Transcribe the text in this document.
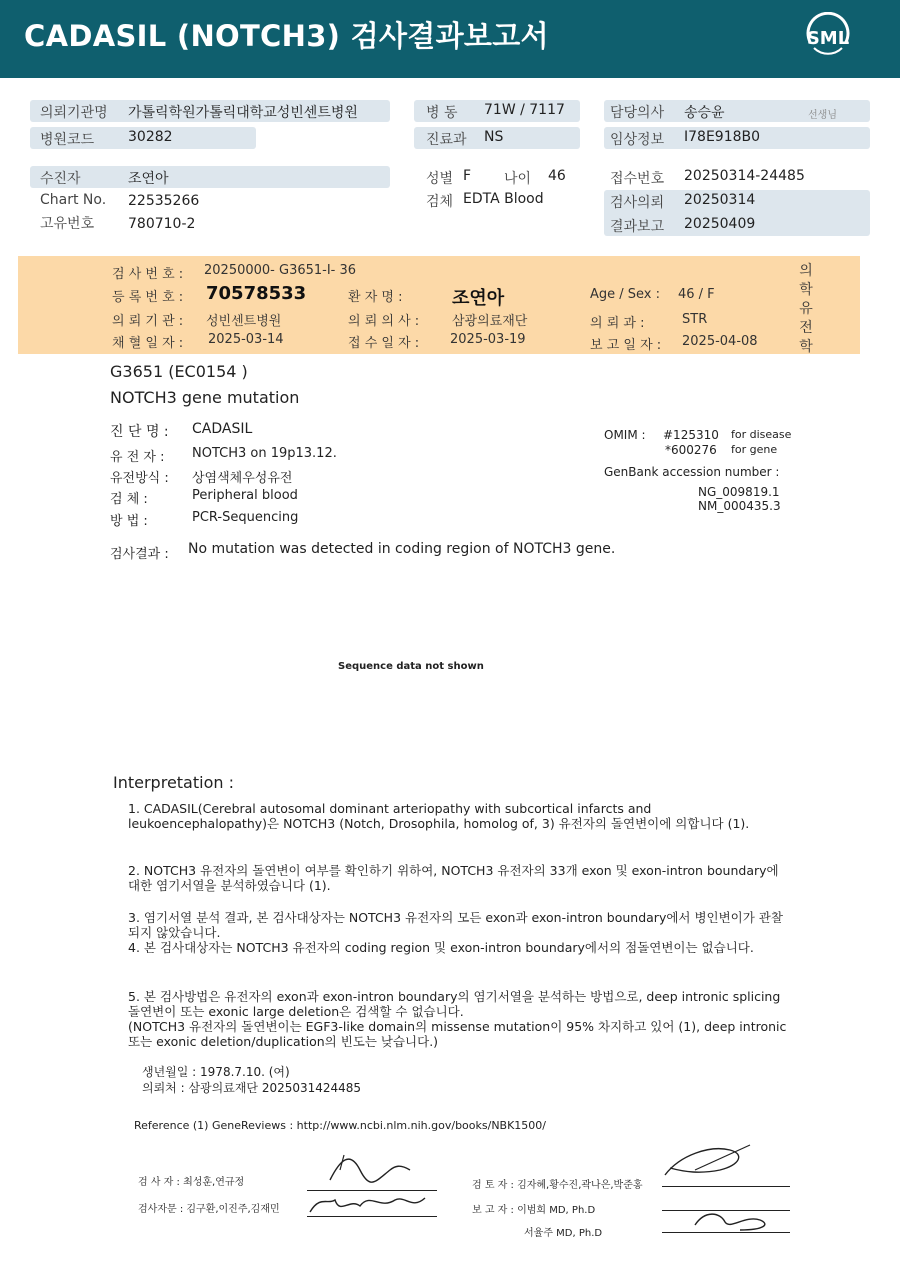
CADASIL (NOTCH3) 검사결과보고서	SML
의뢰기관명 가톨릭학원가톨릭대학교성빈센트병원	병 동 71W / 7117	담당의사 송승윤	선생님
병원코드 30282	진료과 NS	임상정보 I78E918B0
수진자	조연아	성별 F 나이 46	접수번호 20250314-24485
Chart No. 22535266	검체 EDTA Blood	검사의뢰 20250314
고유번호 780710-2	결과보고 20250409
검 사 번 호 : 20250000- G3651-I- 36
등 록 번 호 : 70578533	환 자 명 :	조연아	Age / Sex : 46 / F
의 뢰 기 관 : 성빈센트병원	의 뢰 의 사 :	삼광의료재단	의 뢰 과 :	STR
채 혈 일 자 : 2025-03-14	접 수 일 자 : 2025-03-19	보 고 일 자 : 2025-04-08
의
학
유
전
학
G3651 (EC0154 )
NOTCH3 gene mutation
진 단 명 : CADASIL
유 전 자 : NOTCH3 on 19p13.12.
유전방식 : 상염색체우성유전
검 체 :	Peripheral blood
방 법 :	PCR-Sequencing
OMIM : #125310 for disease
*600276 for gene
GenBank accession number :
NG_009819.1
NM_000435.3
검사결과 : No mutation was detected in coding region of NOTCH3 gene.
Sequence data not shown
Interpretation :
1. CADASIL(Cerebral autosomal dominant arteriopathy with subcortical infarcts and leukoencephalopathy)은 NOTCH3 (Notch, Drosophila, homolog of, 3) 유전자의 돌연변이에 의합니다 (1).
2. NOTCH3 유전자의 돌연변이 여부를 확인하기 위하여, NOTCH3 유전자의 33개 exon 및 exon-intron boundary에 대한 염기서열을 분석하였습니다 (1).
3. 염기서열 분석 결과, 본 검사대상자는 NOTCH3 유전자의 모든 exon과 exon-intron boundary에서 병인변이가 관찰되지 않았습니다.
4. 본 검사대상자는 NOTCH3 유전자의 coding region 및 exon-intron boundary에서의 점돌연변이는 없습니다.
5. 본 검사방법은 유전자의 exon과 exon-intron boundary의 염기서열을 분석하는 방법으로, deep intronic splicing 돌연변이 또는 exonic large deletion은 검색할 수 없습니다.
(NOTCH3 유전자의 돌연변이는 EGF3-like domain의 missense mutation이 95% 차지하고 있어 (1), deep intronic 또는 exonic deletion/duplication의 빈도는 낮습니다.)
생년월일 : 1978.7.10. (여)
의뢰처 : 삼광의료재단 2025031424485
Reference (1) GeneReviews : http://www.ncbi.nlm.nih.gov/books/NBK1500/
검 사 자 : 최성훈,연규정
검사자문 : 김구환,이진주,김재민
검 토 자 : 김자혜,황수진,곽나은,박준홍
보 고 자 : 이범희 MD, Ph.D
서율주 MD, Ph.D
